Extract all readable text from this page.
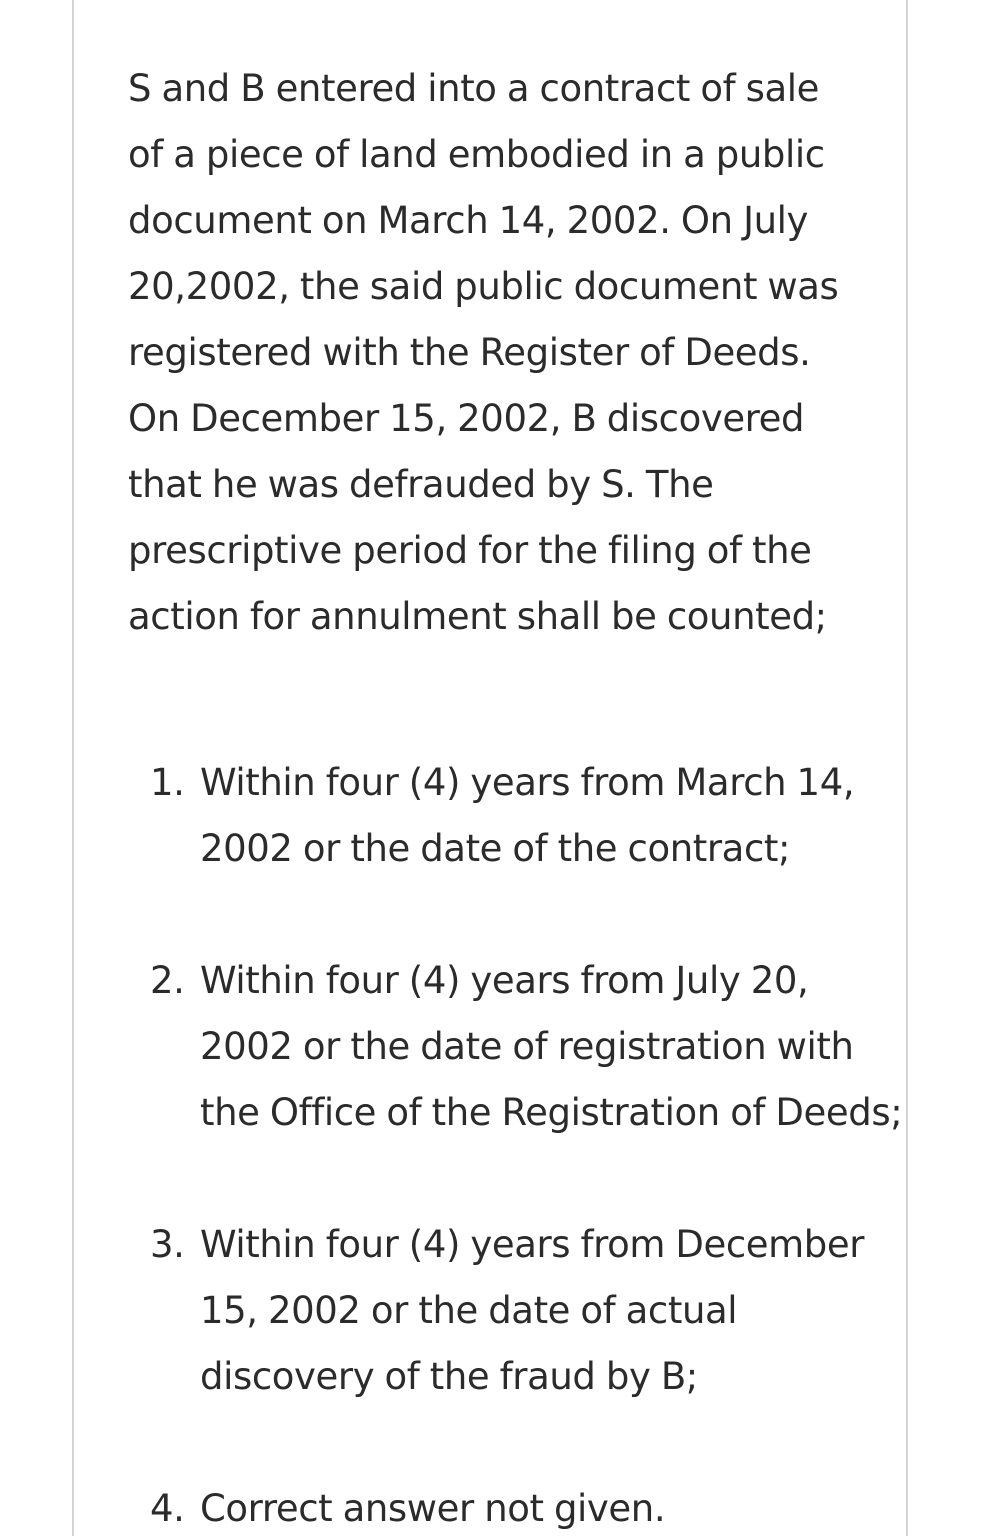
S and B entered into a contract of sale of a piece of land embodied in a public document on March 14, 2002. On July 20,2002, the said public document was registered with the Register of Deeds. On December 15, 2002, B discovered that he was defrauded by S. The prescriptive period for the filing of the action for annulment shall be counted;

1. Within four (4) years from March 14, 2002 or the date of the contract;
2. Within four (4) years from July 20, 2002 or the date of registration with the Office of the Registration of Deeds;
3. Within four (4) years from December 15, 2002 or the date of actual discovery of the fraud by B;
4. Correct answer not given.
